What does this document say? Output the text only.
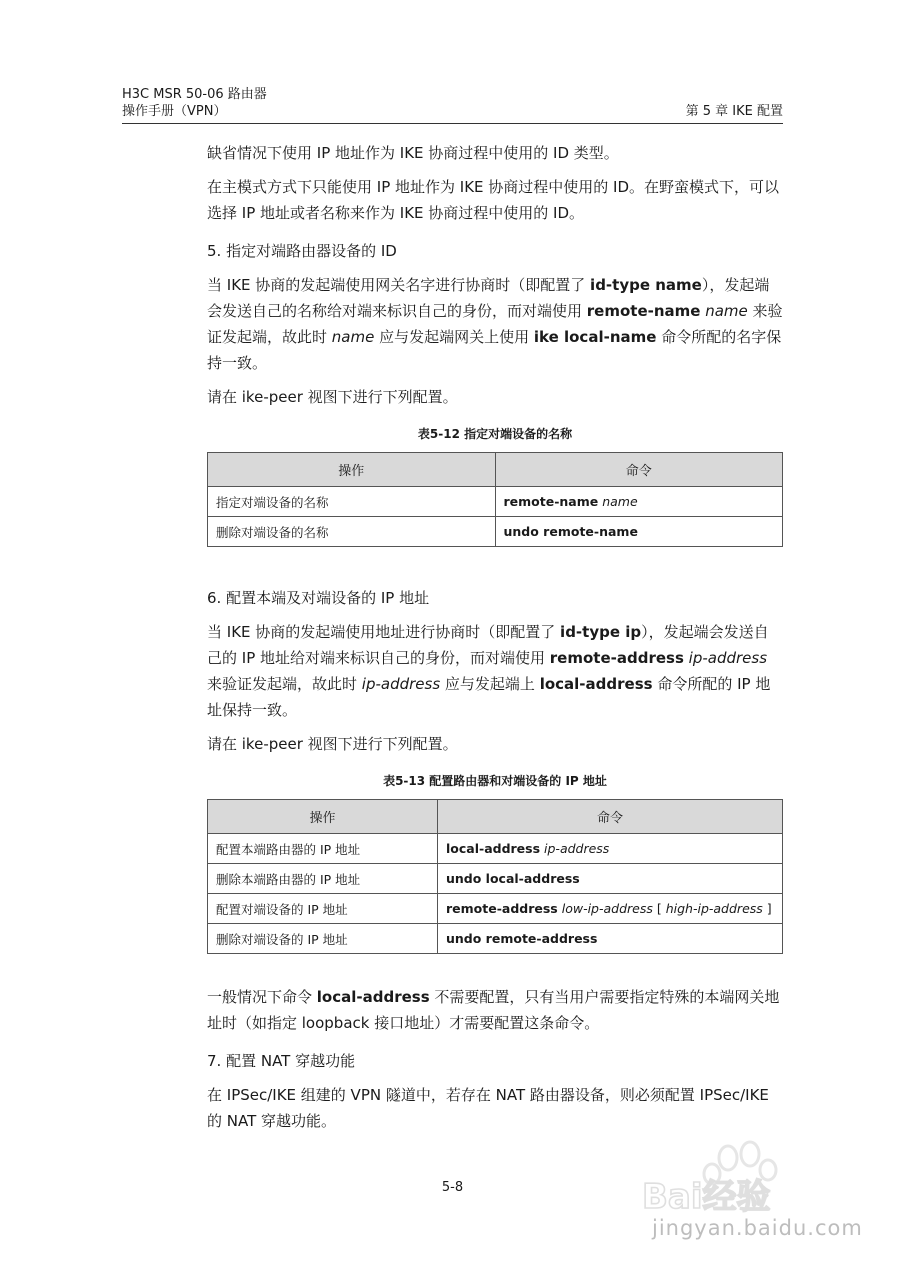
H3C MSR 50-06 路由器
操作手册（VPN）	第 5 章 IKE 配置

缺省情况下使用 IP 地址作为 IKE 协商过程中使用的 ID 类型。

在主模式方式下只能使用 IP 地址作为 IKE 协商过程中使用的 ID。在野蛮模式下，可以选择 IP 地址或者名称来作为 IKE 协商过程中使用的 ID。

5. 指定对端路由器设备的 ID

当 IKE 协商的发起端使用网关名字进行协商时（即配置了 id-type name），发起端会发送自己的名称给对端来标识自己的身份，而对端使用 remote-name name 来验证发起端，故此时 name 应与发起端网关上使用 ike local-name 命令所配的名字保持一致。

请在 ike-peer 视图下进行下列配置。

表5-12 指定对端设备的名称
操作	命令
指定对端设备的名称	remote-name name
删除对端设备的名称	undo remote-name
6. 配置本端及对端设备的 IP 地址

当 IKE 协商的发起端使用地址进行协商时（即配置了 id-type ip），发起端会发送自己的 IP 地址给对端来标识自己的身份，而对端使用 remote-address ip-address 来验证发起端，故此时 ip-address 应与发起端上 local-address 命令所配的 IP 地址保持一致。

请在 ike-peer 视图下进行下列配置。

表5-13 配置路由器和对端设备的 IP 地址
操作	命令
配置本端路由器的 IP 地址	local-address ip-address
删除本端路由器的 IP 地址	undo local-address
配置对端设备的 IP 地址	remote-address low-ip-address [ high-ip-address ]
删除对端设备的 IP 地址	undo remote-address

一般情况下命令 local-address 不需要配置，只有当用户需要指定特殊的本端网关地址时（如指定 loopback 接口地址）才需要配置这条命令。

7. 配置 NAT 穿越功能

在 IPSec/IKE 组建的 VPN 隧道中，若存在 NAT 路由器设备，则必须配置 IPSec/IKE 的 NAT 穿越功能。

5-8	Bai经验
jingyan.baidu.com
